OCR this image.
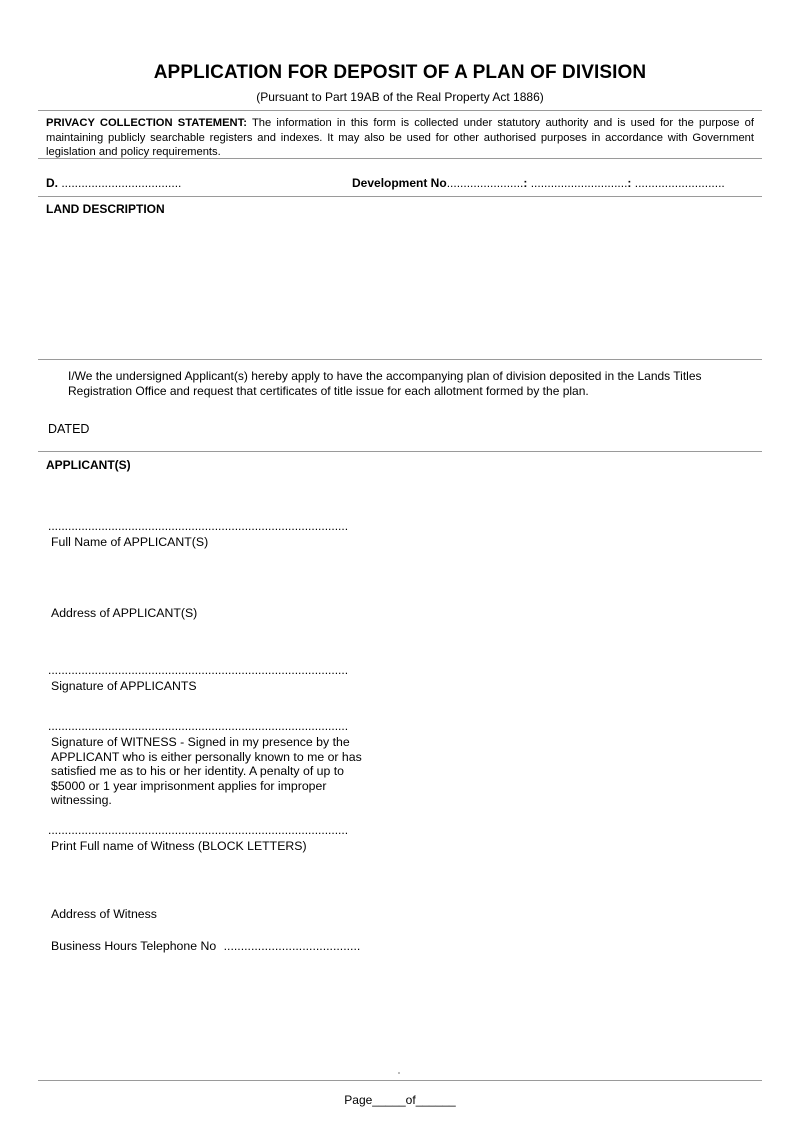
APPLICATION FOR DEPOSIT OF A PLAN OF DIVISION
(Pursuant to Part 19AB of the Real Property Act 1886)
PRIVACY COLLECTION STATEMENT: The information in this form is collected under statutory authority and is used for the purpose of maintaining publicly searchable registers and indexes. It may also be used for other authorised purposes in accordance with Government legislation and policy requirements.
D. ....................................	Development No.......................: .............................: ...........................
LAND DESCRIPTION
I/We the undersigned Applicant(s) hereby apply to have the accompanying plan of division deposited in the Lands Titles Registration Office and request that certificates of title issue for each allotment formed by the plan.
DATED
APPLICANT(S)
..........................................................................................
Full Name of APPLICANT(S)
Address of APPLICANT(S)
..........................................................................................
Signature of APPLICANTS
..........................................................................................
Signature of WITNESS - Signed in my presence by the APPLICANT who is either personally known to me or has satisfied me as to his or her identity. A penalty of up to $5000 or 1 year imprisonment applies for improper witnessing.
..........................................................................................
Print Full name of Witness (BLOCK LETTERS)
Address of Witness
Business Hours Telephone No ........................................
Page_____of______
